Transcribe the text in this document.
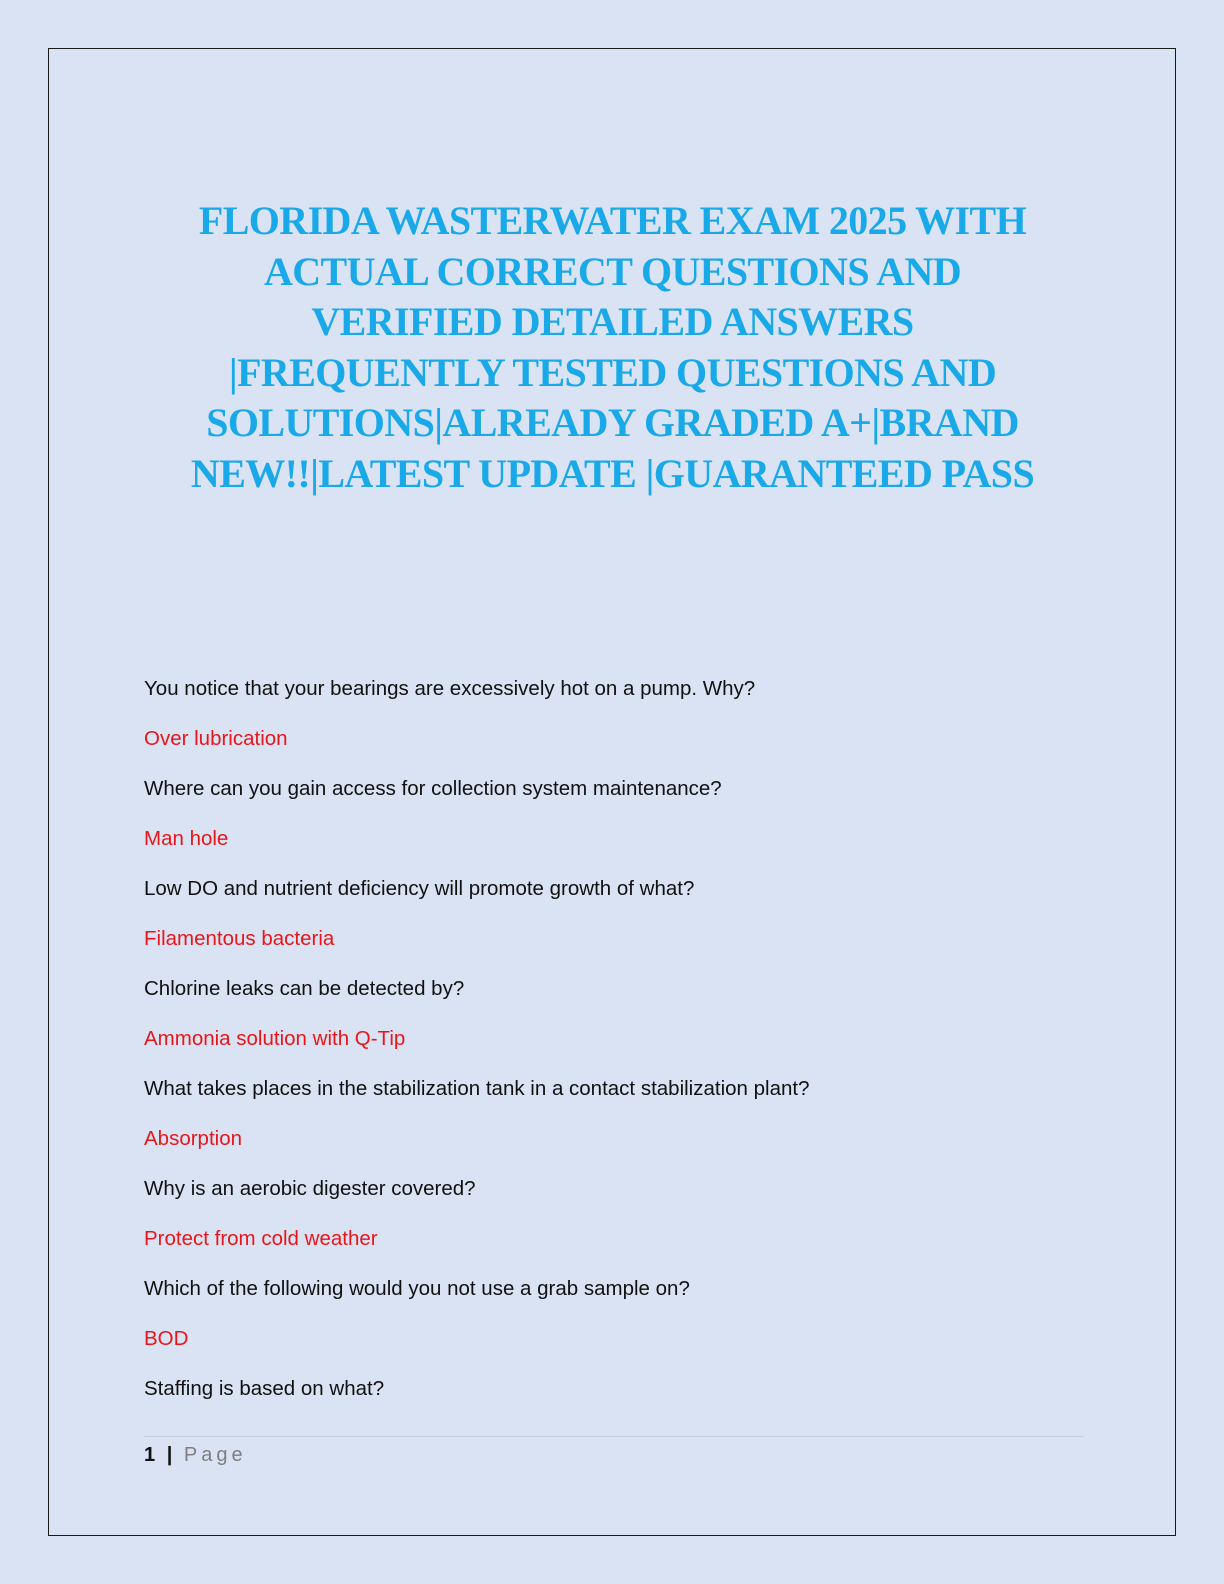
FLORIDA WASTERWATER EXAM 2025 WITH
ACTUAL CORRECT QUESTIONS AND
VERIFIED DETAILED ANSWERS
|FREQUENTLY TESTED QUESTIONS AND
SOLUTIONS|ALREADY GRADED A+|BRAND
NEW!!|LATEST UPDATE |GUARANTEED PASS
You notice that your bearings are excessively hot on a pump. Why?
Over lubrication
Where can you gain access for collection system maintenance?
Man hole
Low DO and nutrient deficiency will promote growth of what?
Filamentous bacteria
Chlorine leaks can be detected by?
Ammonia solution with Q-Tip
What takes places in the stabilization tank in a contact stabilization plant?
Absorption
Why is an aerobic digester covered?
Protect from cold weather
Which of the following would you not use a grab sample on?
BOD
Staffing is based on what?
1 | Page
